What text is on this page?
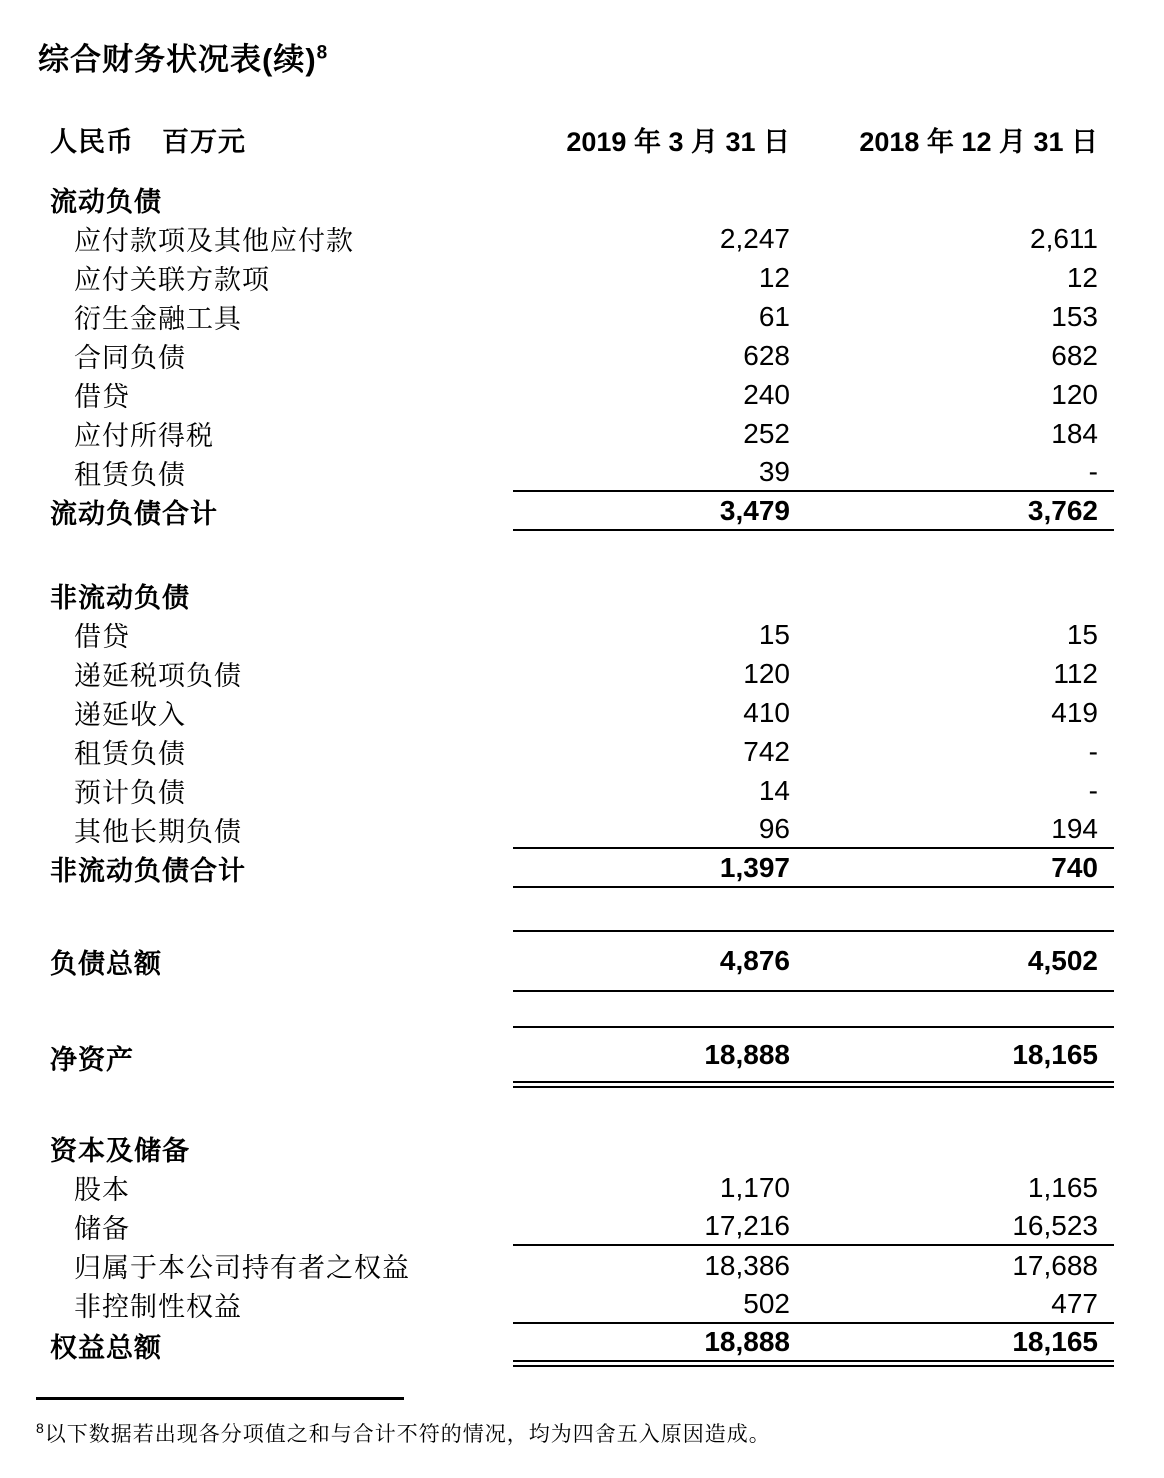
综合财务状况表(续)$^8$
人民币　百万元	2019 年 3 月 31 日	2018 年 12 月 31 日
流动负债
应付款项及其他应付款	2,247	2,611
应付关联方款项	12	12
衍生金融工具	61	153
合同负债	628	682
借贷	240	120
应付所得税	252	184
租赁负债	39	-
流动负债合计	3,479	3,762
非流动负债
借贷	15	15
递延税项负债	120	112
递延收入	410	419
租赁负债	742	-
预计负债	14	-
其他长期负债	96	194
非流动负债合计	1,397	740
负债总额	4,876	4,502
净资产	18,888	18,165
资本及储备
股本	1,170	1,165
储备	17,216	16,523
归属于本公司持有者之权益	18,386	17,688
非控制性权益	502	477
权益总额	18,888	18,165
$^8$以下数据若出现各分项值之和与合计不符的情况，均为四舍五入原因造成。
